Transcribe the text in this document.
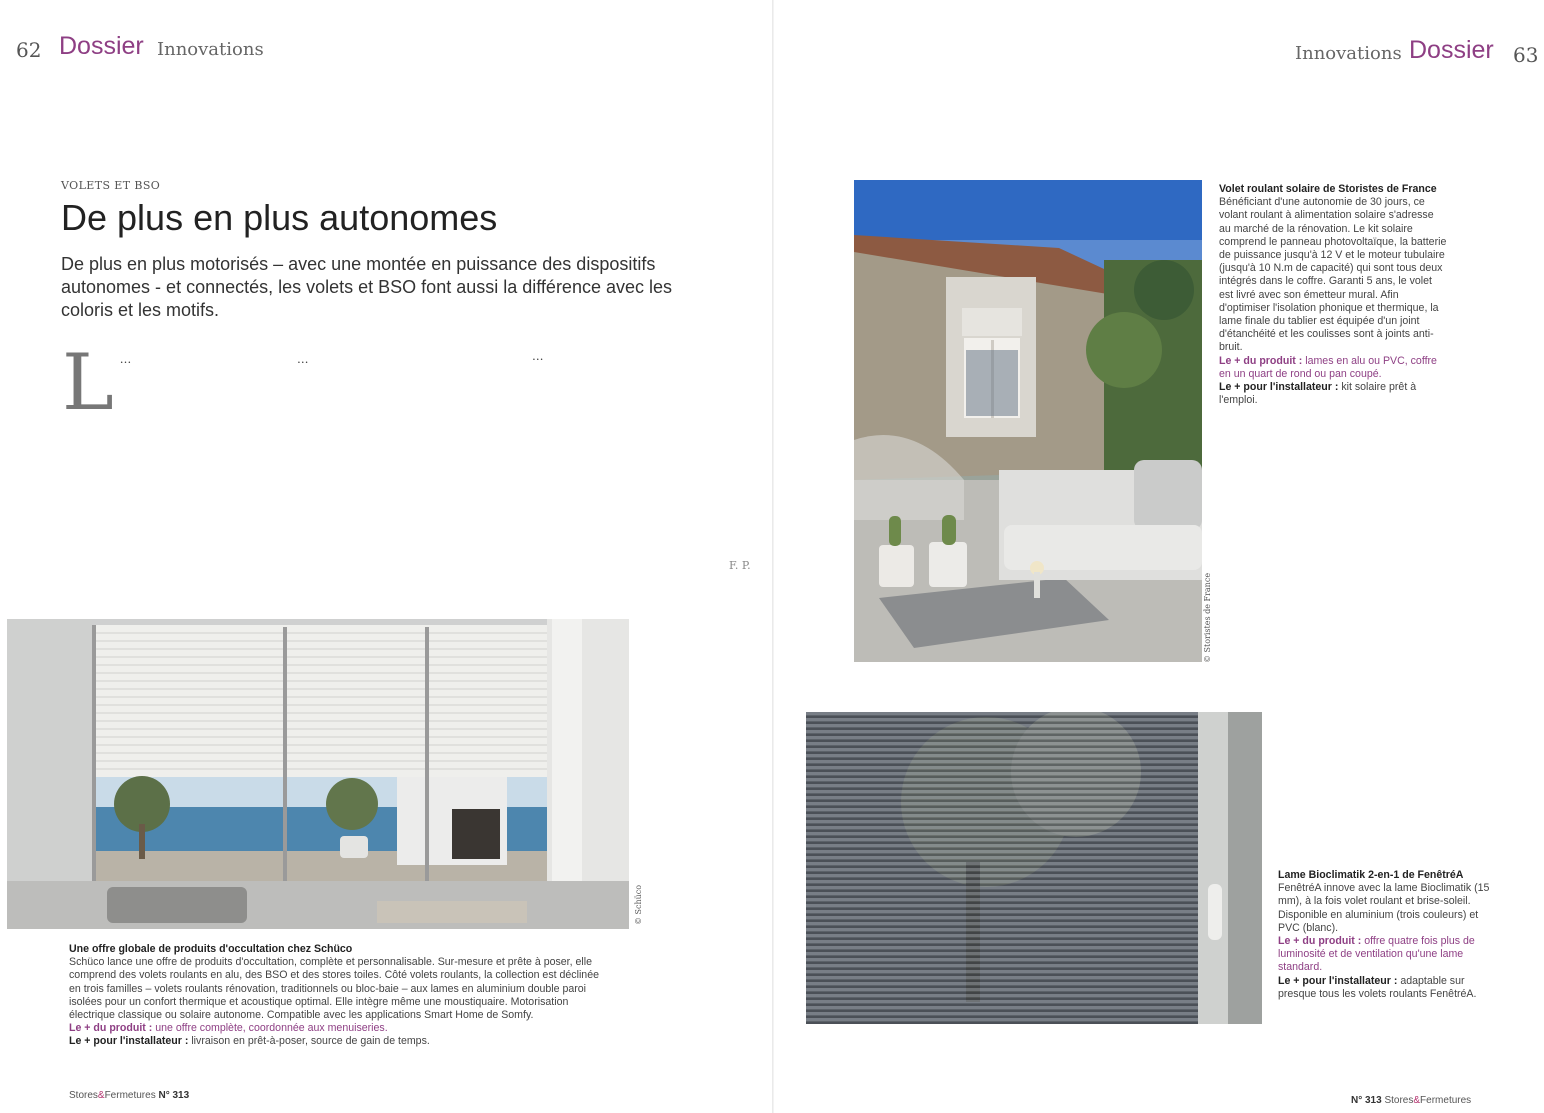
62 Dossier Innovations	Innovations Dossier 63
VOLETS ET BSO
De plus en plus autonomes
De plus en plus motorisés – avec une montée en puissance des dispositifs autonomes - et connectés, les volets et BSO font aussi la différence avec les coloris et les motifs.
L …	…	…
F. P.
© Schüco
Une offre globale de produits d'occultation chez Schüco
Schüco lance une offre de produits d'occultation, complète et personnalisable. Sur-mesure et prête à poser, elle comprend des volets roulants en alu, des BSO et des stores toiles. Côté volets roulants, la collection est déclinée en trois familles – volets roulants rénovation, traditionnels ou bloc-baie – aux lames en aluminium double paroi isolées pour un confort thermique et acoustique optimal. Elle intègre même une moustiquaire. Motorisation électrique classique ou solaire autonome. Compatible avec les applications Smart Home de Somfy.
Le + du produit : une offre complète, coordonnée aux menuiseries.
Le + pour l'installateur : livraison en prêt-à-poser, source de gain de temps.
© Storistes de France
Volet roulant solaire de Storistes de France
Bénéficiant d'une autonomie de 30 jours, ce volant roulant à alimentation solaire s'adresse au marché de la rénovation. Le kit solaire comprend le panneau photovoltaïque, la batterie de puissance jusqu'à 12 V et le moteur tubulaire (jusqu'à 10 N.m de capacité) qui sont tous deux intégrés dans le coffre. Garanti 5 ans, le volet est livré avec son émetteur mural. Afin d'optimiser l'isolation phonique et thermique, la lame finale du tablier est équipée d'un joint d'étanchéité et les coulisses sont à joints anti-bruit.
Le + du produit : lames en alu ou PVC, coffre en un quart de rond ou pan coupé.
Le + pour l'installateur : kit solaire prêt à l'emploi.
Lame Bioclimatik 2-en-1 de FenêtréA
FenêtréA innove avec la lame Bioclimatik (15 mm), à la fois volet roulant et brise-soleil. Disponible en aluminium (trois couleurs) et PVC (blanc).
Le + du produit : offre quatre fois plus de luminosité et de ventilation qu'une lame standard.
Le + pour l'installateur : adaptable sur presque tous les volets roulants FenêtréA.
Stores&Fermetures N° 313	N° 313 Stores&Fermetures
